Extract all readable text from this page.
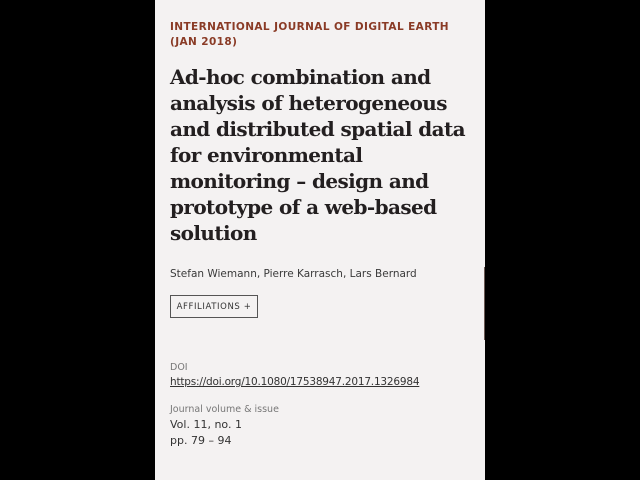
INTERNATIONAL JOURNAL OF DIGITAL EARTH (JAN 2018)
Ad-hoc combination and analysis of heterogeneous and distributed spatial data for environmental monitoring – design and prototype of a web-based solution
Stefan Wiemann, Pierre Karrasch, Lars Bernard
AFFILIATIONS +
DOI
https://doi.org/10.1080/17538947.2017.1326984
Journal volume & issue
Vol. 11, no. 1
pp. 79 – 94
